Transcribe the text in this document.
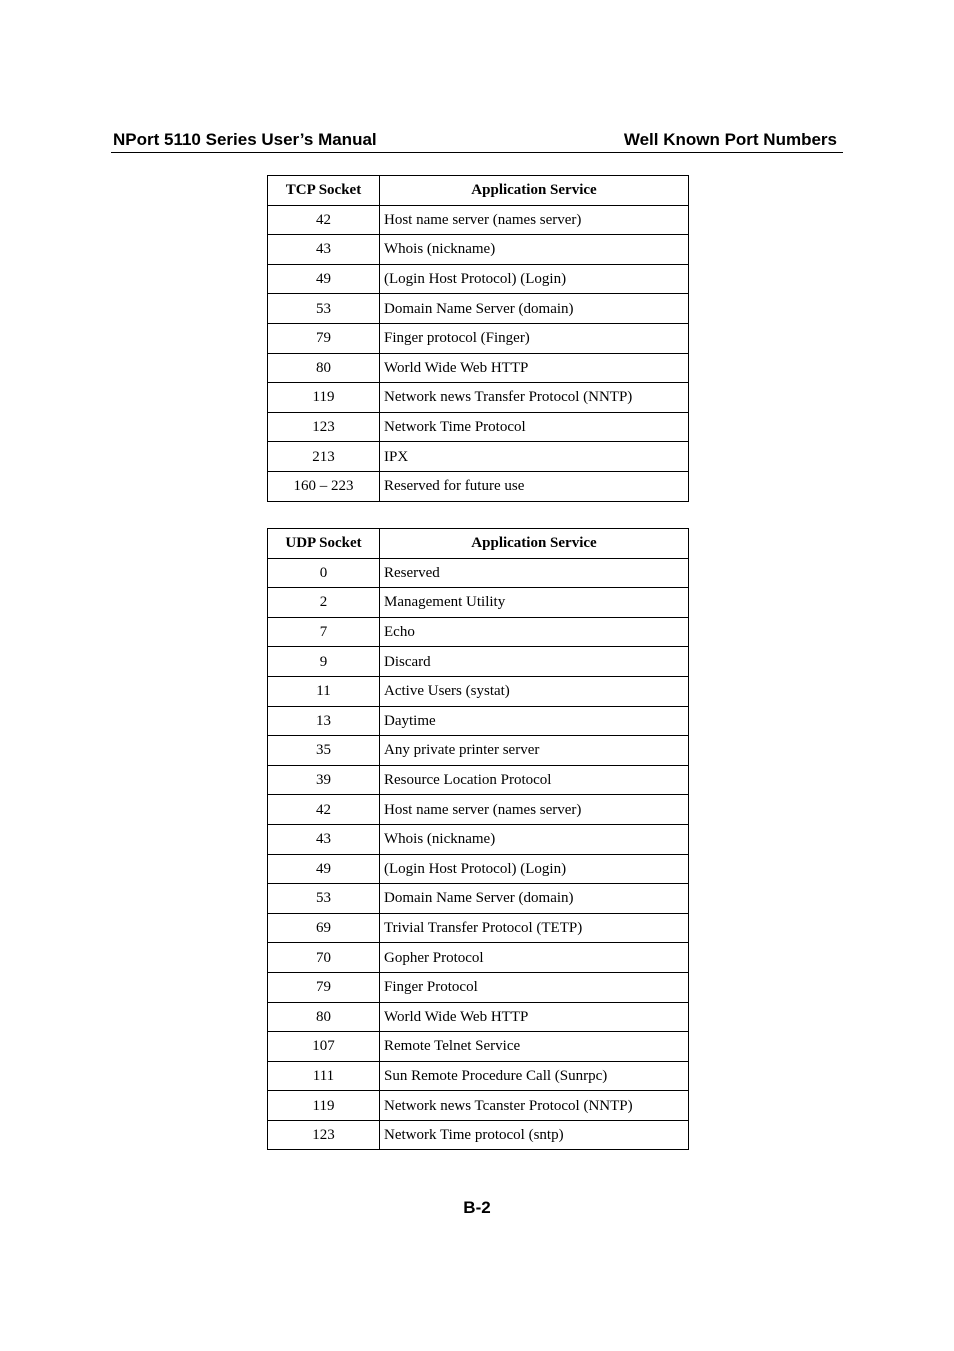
NPort 5110 Series User’s Manual	Well Known Port Numbers
TCP Socket	Application Service
42	Host name server (names server)
43	Whois (nickname)
49	(Login Host Protocol) (Login)
53	Domain Name Server (domain)
79	Finger protocol (Finger)
80	World Wide Web HTTP
119	Network news Transfer Protocol (NNTP)
123	Network Time Protocol
213	IPX
160 – 223	Reserved for future use
UDP Socket	Application Service
0	Reserved
2	Management Utility
7	Echo
9	Discard
11	Active Users (systat)
13	Daytime
35	Any private printer server
39	Resource Location Protocol
42	Host name server (names server)
43	Whois (nickname)
49	(Login Host Protocol) (Login)
53	Domain Name Server (domain)
69	Trivial Transfer Protocol (TETP)
70	Gopher Protocol
79	Finger Protocol
80	World Wide Web HTTP
107	Remote Telnet Service
111	Sun Remote Procedure Call (Sunrpc)
119	Network news Tcanster Protocol (NNTP)
123	Network Time protocol (sntp)
B-2
